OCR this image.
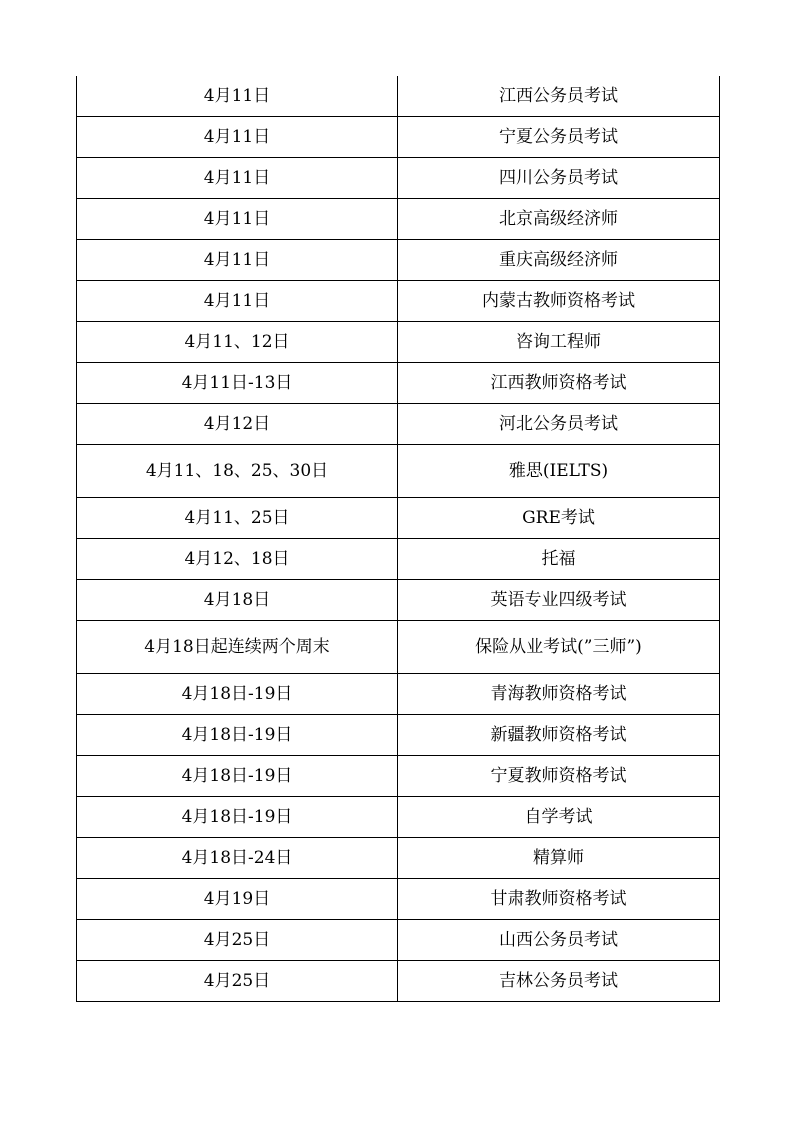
4月11日	江西公务员考试
4月11日	宁夏公务员考试
4月11日	四川公务员考试
4月11日	北京高级经济师
4月11日	重庆高级经济师
4月11日	内蒙古教师资格考试
4月11、12日	咨询工程师
4月11日-13日	江西教师资格考试
4月12日	河北公务员考试
4月11、18、25、30日	雅思(IELTS)
4月11、25日	GRE考试
4月12、18日	托福
4月18日	英语专业四级考试
4月18日起连续两个周末	保险从业考试(”三师”)
4月18日-19日	青海教师资格考试
4月18日-19日	新疆教师资格考试
4月18日-19日	宁夏教师资格考试
4月18日-19日	自学考试
4月18日-24日	精算师
4月19日	甘肃教师资格考试
4月25日	山西公务员考试
4月25日	吉林公务员考试
